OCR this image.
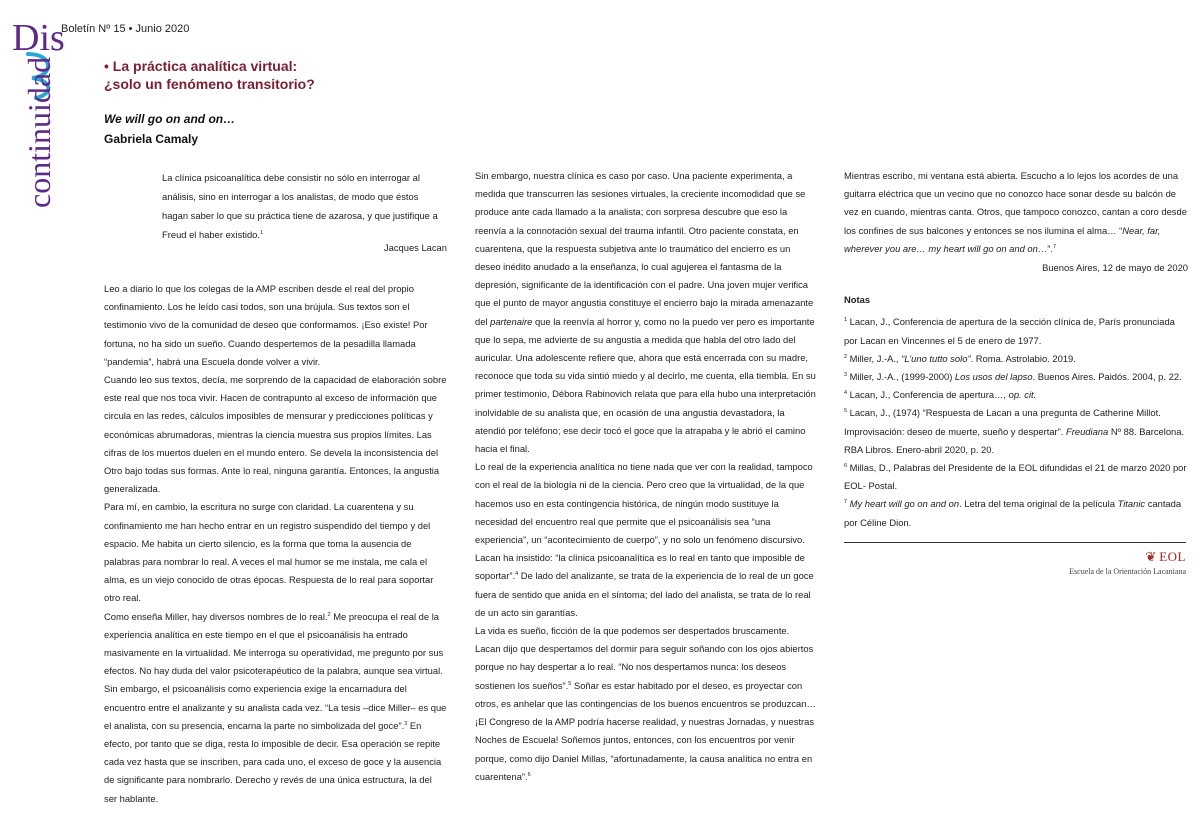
Dis
continuidad
Boletín Nº 15 • Junio 2020
• La práctica analítica virtual:
¿solo un fenómeno transitorio?
We will go on and on…
Gabriela Camaly
La clínica psicoanalítica debe consistir no sólo en interrogar al análisis, sino en interrogar a los analistas, de modo que éstos hagan saber lo que su práctica tiene de azarosa, y que justifique a Freud el haber existido.$^1$
Jacques Lacan

Leo a diario lo que los colegas de la AMP escriben desde el real del propio confinamiento. Los he leído casi todos, son una brújula. Sus textos son el testimonio vivo de la comunidad de deseo que conformamos. ¡Eso existe! Por fortuna, no ha sido un sueño. Cuando despertemos de la pesadilla llamada “pandemia”, habrá una Escuela donde volver a vivir.

Cuando leo sus textos, decía, me sorprendo de la capacidad de elaboración sobre este real que nos toca vivir. Hacen de contrapunto al exceso de información que circula en las redes, cálculos imposibles de mensurar y predicciones políticas y económicas abrumadoras, mientras la ciencia muestra sus propios límites. Las cifras de los muertos duelen en el mundo entero. Se devela la inconsistencia del Otro bajo todas sus formas. Ante lo real, ninguna garantía. Entonces, la angustia generalizada.

Para mí, en cambio, la escritura no surge con claridad. La cuarentena y su confinamiento me han hecho entrar en un registro suspendido del tiempo y del espacio. Me habita un cierto silencio, es la forma que toma la ausencia de palabras para nombrar lo real. A veces el mal humor se me instala, me cala el alma, es un viejo conocido de otras épocas. Respuesta de lo real para soportar otro real.

Como enseña Miller, hay diversos nombres de lo real.$^2$ Me preocupa el real de la experiencia analítica en este tiempo en el que el psicoanálisis ha entrado masivamente en la virtualidad. Me interroga su operatividad, me pregunto por sus efectos. No hay duda del valor psicoterapéutico de la palabra, aunque sea virtual. Sin embargo, el psicoanálisis como experiencia exige la encarnadura del encuentro entre el analizante y su analista cada vez. “La tesis –dice Miller– es que el analista, con su presencia, encarna la parte no simbolizada del goce”.$^3$ En efecto, por tanto que se diga, resta lo imposible de decir. Esa operación se repite cada vez hasta que se inscriben, para cada uno, el exceso de goce y la ausencia de significante para nombrarlo. Derecho y revés de una única estructura, la del ser hablante.

Sin embargo, nuestra clínica es caso por caso. Una paciente experimenta, a medida que transcurren las sesiones virtuales, la creciente incomodidad que se produce ante cada llamado a la analista; con sorpresa descubre que eso la reenvía a la connotación sexual del trauma infantil. Otro paciente constata, en cuarentena, que la respuesta subjetiva ante lo traumático del encierro es un deseo inédito anudado a la enseñanza, lo cual agujerea el fantasma de la depresión, significante de la identificación con el padre. Una joven mujer verifica que el punto de mayor angustia constituye el encierro bajo la mirada amenazante del partenaire que la reenvía al horror y, como no la puedo ver pero es importante que lo sepa, me advierte de su angustia a medida que habla del otro lado del auricular. Una adolescente refiere que, ahora que está encerrada con su madre, reconoce que toda su vida sintió miedo y al decirlo, me cuenta, ella tiembla. En su primer testimonio, Débora Rabinovich relata que para ella hubo una interpretación inolvidable de su analista que, en ocasión de una angustia devastadora, la atendió por teléfono; ese decir tocó el goce que la atrapaba y le abrió el camino hacia el final.

Lo real de la experiencia analítica no tiene nada que ver con la realidad, tampoco con el real de la biología ni de la ciencia. Pero creo que la virtualidad, de la que hacemos uso en esta contingencia histórica, de ningún modo sustituye la necesidad del encuentro real que permite que el psicoanálisis sea “una experiencia”, un “acontecimiento de cuerpo”, y no solo un fenómeno discursivo. Lacan ha insistido: “la clínica psicoanalítica es lo real en tanto que imposible de soportar”.$^4$ De lado del analizante, se trata de la experiencia de lo real de un goce fuera de sentido que anida en el síntoma; del lado del analista, se trata de lo real de un acto sin garantías.

La vida es sueño, ficción de la que podemos ser despertados bruscamente. Lacan dijo que despertamos del dormir para seguir soñando con los ojos abiertos porque no hay despertar a lo real. “No nos despertamos nunca: los deseos sostienen los sueños”.$^5$ Soñar es estar habitado por el deseo, es proyectar con otros, es anhelar que las contingencias de los buenos encuentros se produzcan… ¡El Congreso de la AMP podría hacerse realidad, y nuestras Jornadas, y nuestras Noches de Escuela! Soñemos juntos, entonces, con los encuentros por venir porque, como dijo Daniel Millas, “afortunadamente, la causa analítica no entra en cuarentena”.$^6$

Mientras escribo, mi ventana está abierta. Escucho a lo lejos los acordes de una guitarra eléctrica que un vecino que no conozco hace sonar desde su balcón de vez en cuando, mientras canta. Otros, que tampoco conozco, cantan a coro desde los confines de sus balcones y entonces se nos ilumina el alma… “Near, far, wherever you are… my heart will go on and on…”.$^7$

Buenos Aires, 12 de mayo de 2020
Notas
$^1$ Lacan, J., Conferencia de apertura de la sección clínica de, París pronunciada por Lacan en Vincennes el 5 de enero de 1977.
$^2$ Miller, J.-A., “L’uno tutto solo”. Roma. Astrolabio. 2019.
$^3$ Miller, J.-A., (1999-2000) Los usos del lapso. Buenos Aires. Paidós. 2004, p. 22.
$^4$ Lacan, J., Conferencia de apertura…, op. cit.
$^5$ Lacan, J., (1974) “Respuesta de Lacan a una pregunta de Catherine Millot. Improvisación: deseo de muerte, sueño y despertar”. Freudiana Nº 88. Barcelona. RBA Libros. Enero-abril 2020, p. 20.
$^6$ Millas, D., Palabras del Presidente de la EOL difundidas el 21 de marzo 2020 por EOL- Postal.
$^7$ My heart will go on and on. Letra del tema original de la película Titanic cantada por Céline Dion.
❦ EOL
Escuela de la Orientación Lacaniana
